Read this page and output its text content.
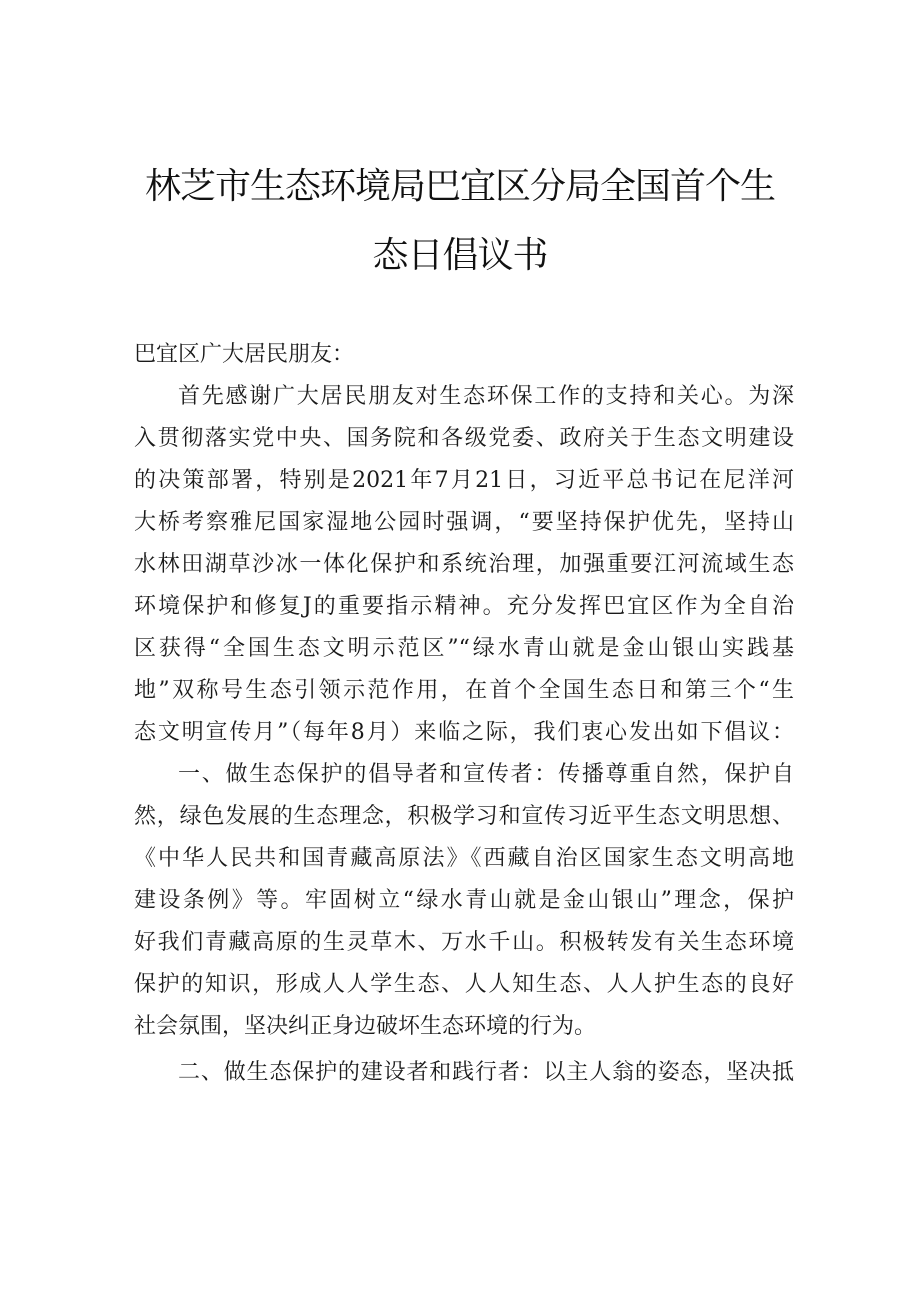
林芝市生态环境局巴宜区分局全国首个生
态日倡议书

巴宜区广大居民朋友：

首先感谢广大居民朋友对生态环保工作的支持和关心。为深
入贯彻落实党中央、国务院和各级党委、政府关于生态文明建设
的决策部署，特别是2021年7月21日，习近平总书记在尼洋河
大桥考察雅尼国家湿地公园时强调，“要坚持保护优先，坚持山
水林田湖草沙冰一体化保护和系统治理，加强重要江河流域生态
环境保护和修复J的重要指示精神。充分发挥巴宜区作为全自治
区获得“全国生态文明示范区”“绿水青山就是金山银山实践基
地”双称号生态引领示范作用，在首个全国生态日和第三个“生
态文明宣传月”（每年8月）来临之际，我们衷心发出如下倡议：

一、做生态保护的倡导者和宣传者：传播尊重自然，保护自
然，绿色发展的生态理念，积极学习和宣传习近平生态文明思想、
《中华人民共和国青藏高原法》《西藏自治区国家生态文明高地
建设条例》等。牢固树立“绿水青山就是金山银山”理念，保护
好我们青藏高原的生灵草木、万水千山。积极转发有关生态环境
保护的知识，形成人人学生态、人人知生态、人人护生态的良好
社会氛围，坚决纠正身边破坏生态环境的行为。

二、做生态保护的建设者和践行者：以主人翁的姿态，坚决抵
